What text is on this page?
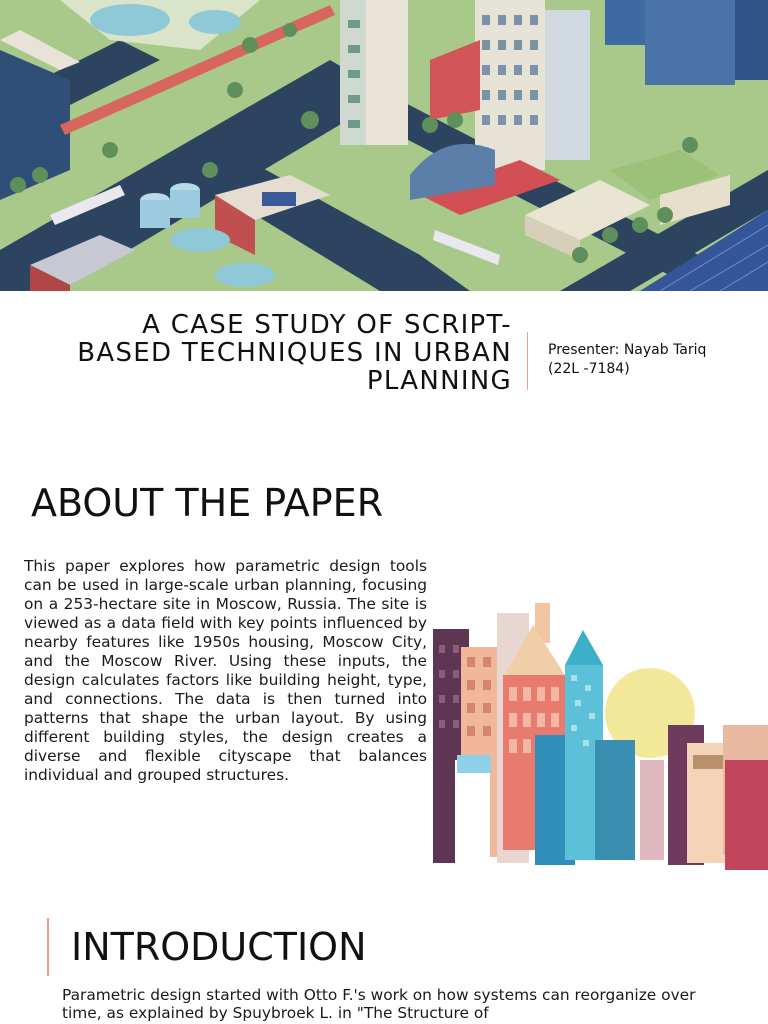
A CASE STUDY OF SCRIPT-BASED TECHNIQUES IN URBAN PLANNING
Presenter: Nayab Tariq
(22L -7184)
ABOUT THE PAPER

This paper explores how parametric design tools can be used in large-scale urban planning, focusing on a 253-hectare site in Moscow, Russia. The site is viewed as a data field with key points influenced by nearby features like 1950s housing, Moscow City, and the Moscow River. Using these inputs, the design calculates factors like building height, type, and connections. The data is then turned into patterns that shape the urban layout. By using different building styles, the design creates a diverse and flexible cityscape that balances individual and grouped structures.

INTRODUCTION

Parametric design started with Otto F.'s work on how systems can reorganize over time, as explained by Spuybroek L. in "The Structure of
